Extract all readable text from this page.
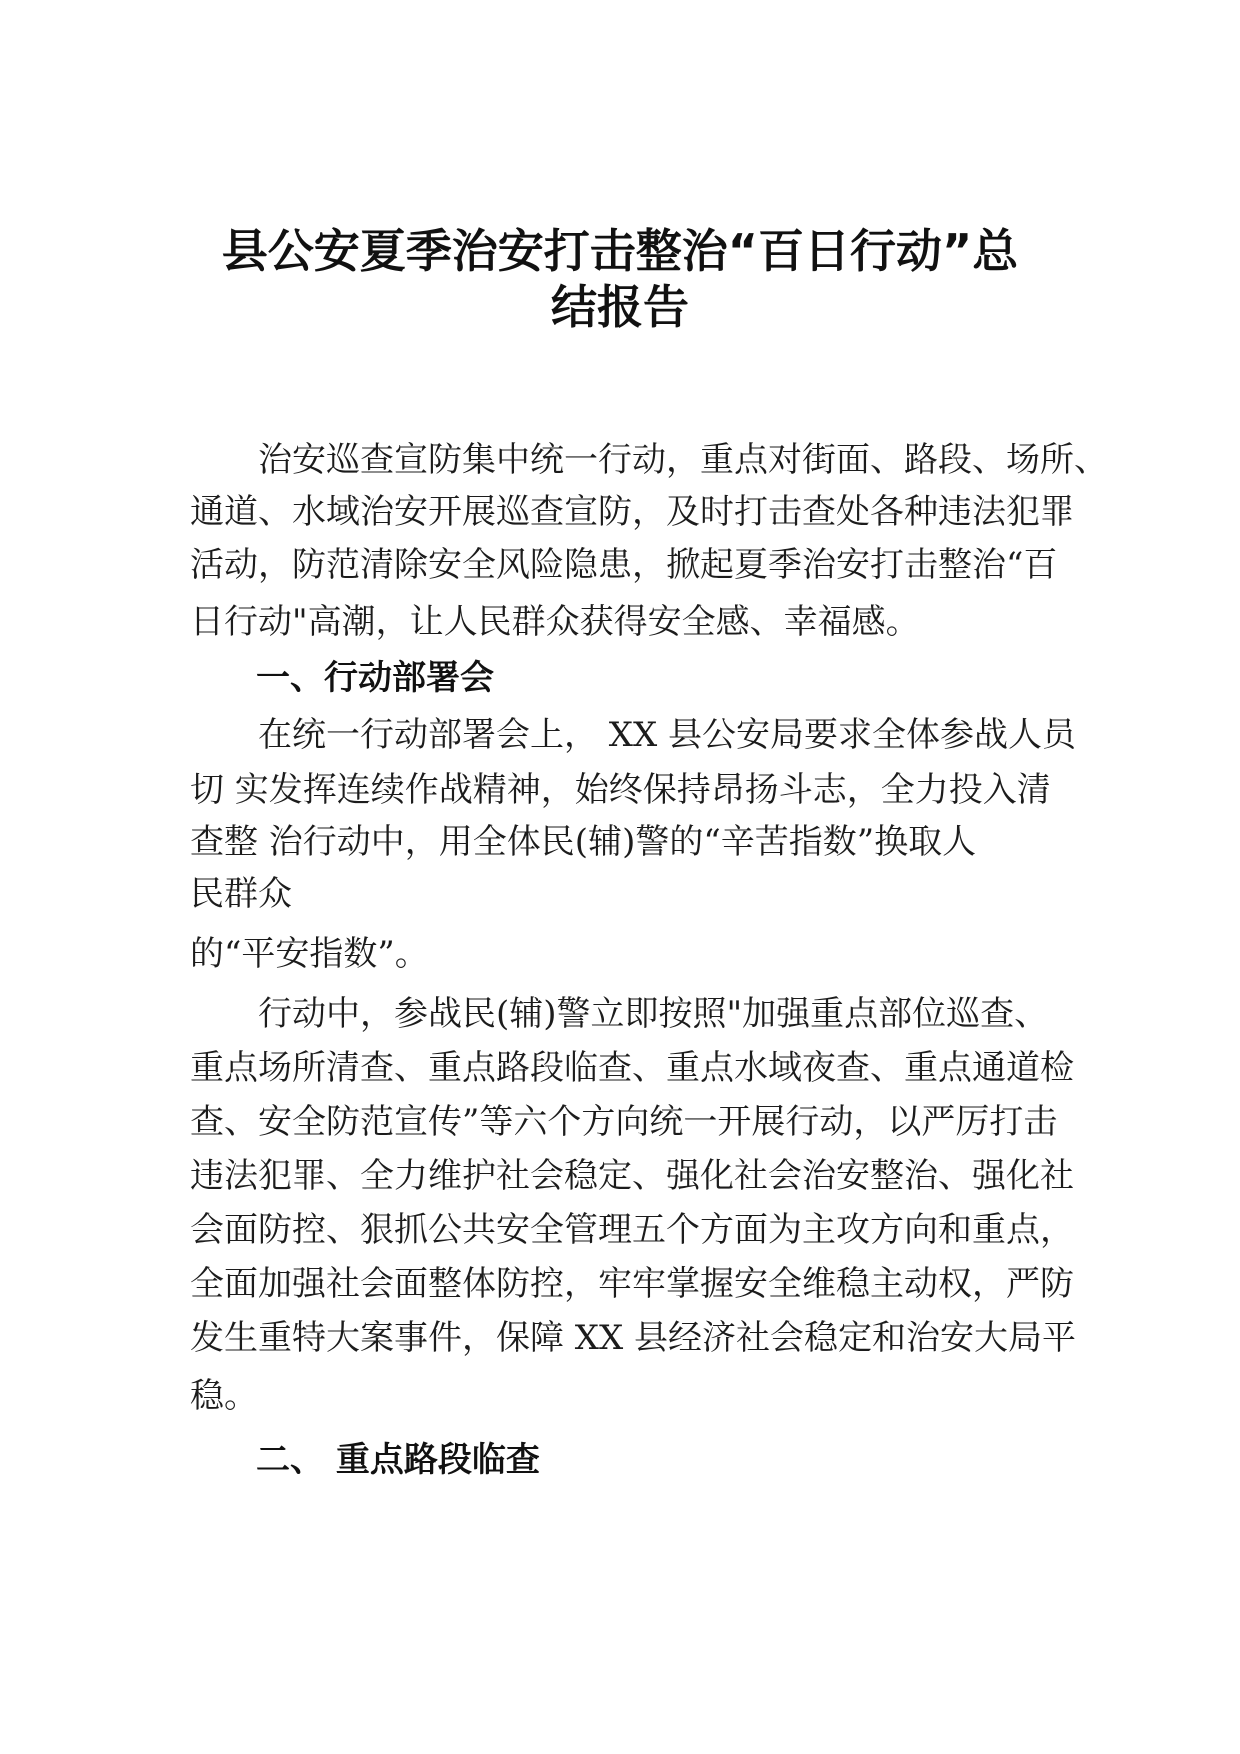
县公安夏季治安打击整治“百日行动”总
结报告
治安巡查宣防集中统一行动，重点对街面、路段、场所、
通道、水域治安开展巡查宣防，及时打击查处各种违法犯罪
活动，防范清除安全风险隐患，掀起夏季治安打击整治“百
日行动"高潮，让人民群众获得安全感、幸福感。
一、行动部署会
在统一行动部署会上， XX 县公安局要求全体参战人员
切 实发挥连续作战精神，始终保持昂扬斗志，全力投入清
查整 治行动中，用全体民(辅)警的“辛苦指数”换取人
民群众
的“平安指数”。
行动中，参战民(辅)警立即按照"加强重点部位巡查、
重点场所清查、重点路段临查、重点水域夜查、重点通道检
查、安全防范宣传”等六个方向统一开展行动，以严厉打击
违法犯罪、全力维护社会稳定、强化社会治安整治、强化社
会面防控、狠抓公共安全管理五个方面为主攻方向和重点，
全面加强社会面整体防控，牢牢掌握安全维稳主动权，严防
发生重特大案事件，保障 XX 县经济社会稳定和治安大局平
稳。
二、 重点路段临查
